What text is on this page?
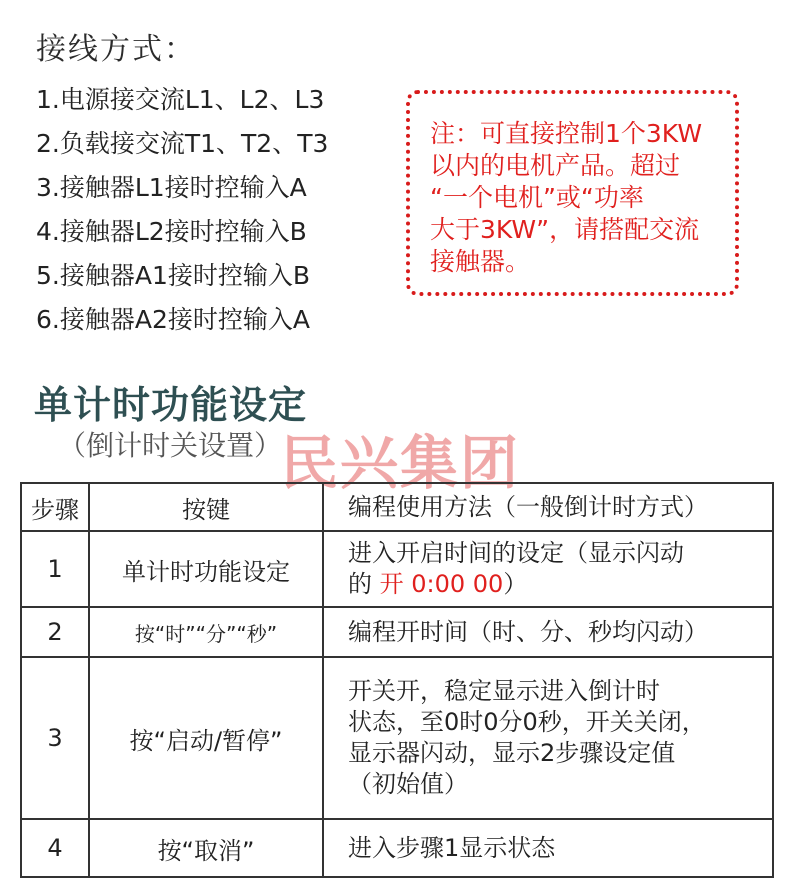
接线方式：
1.电源接交流L1、L2、L3
2.负载接交流T1、T2、T3
3.接触器L1接时控输入A
4.接触器L2接时控输入B
5.接触器A1接时控输入B
6.接触器A2接时控输入A

注：可直接控制1个3KW

以内的电机产品。超过

“一个电机”或“功率

大于3KW”，请搭配交流

接触器。

单计时功能设定
（倒计时关设置）
民兴集团
步骤	按键	编程使用方法（一般倒计时方式）
1	单计时功能设定	进入开启时间的设定（显示闪动
的 开 0:00 00）

2	按“时”“分”“秒”	编程开时间（时、分、秒均闪动）
3	按“启动/暂停”	开关开，稳定显示进入倒计时
状态，至0时0分0秒，开关关闭，
显示器闪动，显示2步骤设定值
（初始值）

4	按“取消”	进入步骤1显示状态
